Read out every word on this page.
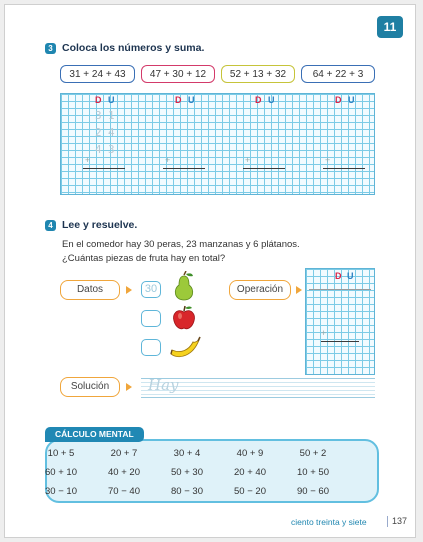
11
3 Coloca los números y suma.
31 + 24 + 43	47 + 30 + 12	52 + 13 + 32	64 + 22 + 3
D U	D U	D U	D U
3 1
2 4
4 3
+	+	+	+
4 Lee y resuelve.
En el comedor hay 30 peras, 23 manzanas y 6 plátanos.
¿Cuántas piezas de fruta hay en total?
Datos	30	Operación
D U
+
Solución	Hay
CÁLCULO MENTAL
10 + 5	20 + 7	30 + 4	40 + 9	50 + 2
60 + 10	40 + 20	50 + 30	20 + 40	10 + 50
30 − 10	70 − 40	80 − 30	50 − 20	90 − 60
ciento treinta y siete	137
